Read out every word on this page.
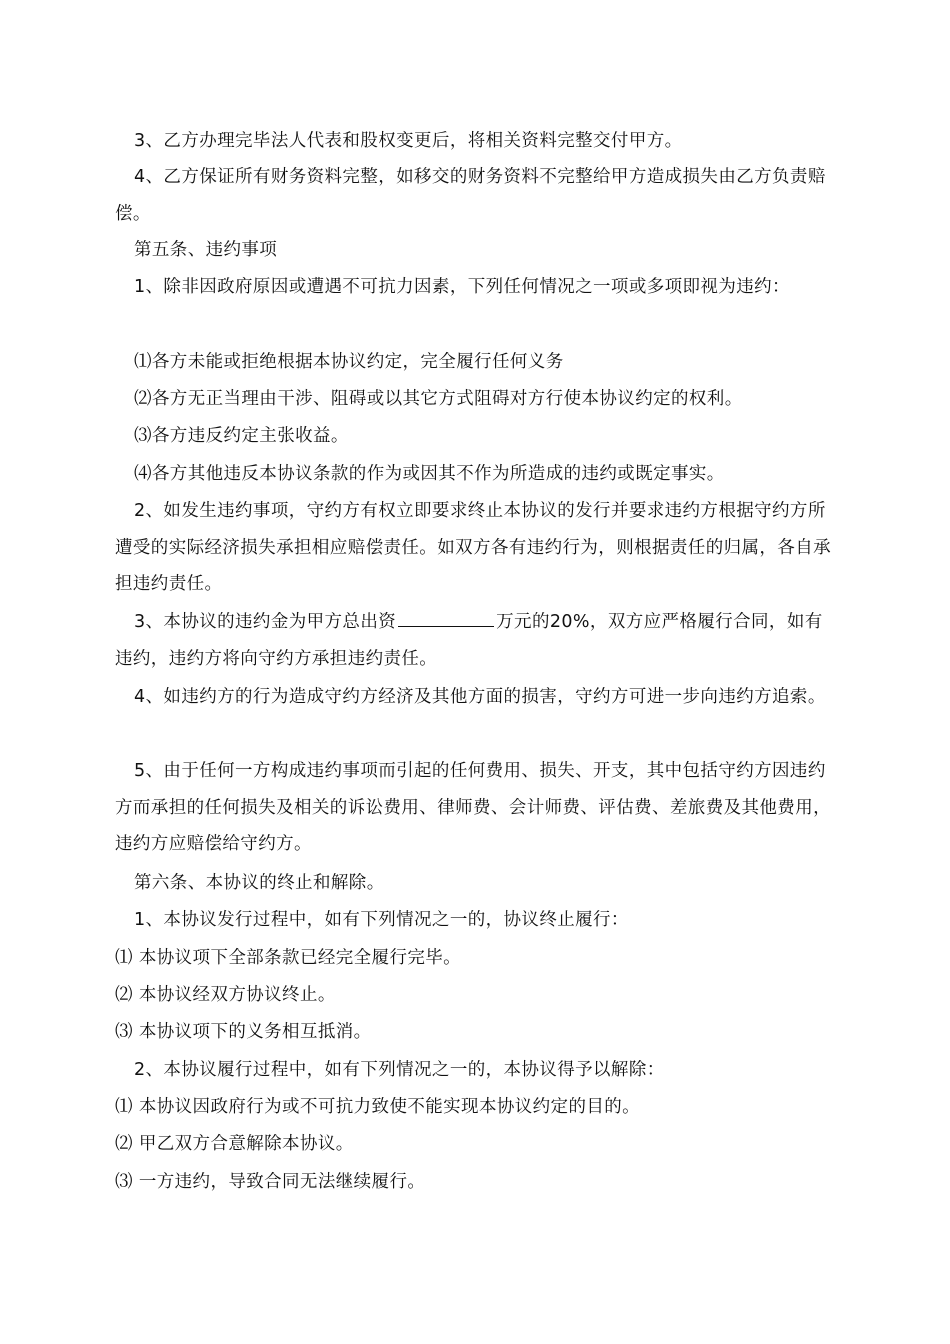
3、乙方办理完毕法人代表和股权变更后，将相关资料完整交付甲方。

4、乙方保证所有财务资料完整，如移交的财务资料不完整给甲方造成损失由乙方负责赔偿。

第五条、违约事项

1、除非因政府原因或遭遇不可抗力因素，下列任何情况之一项或多项即视为违约：

⑴各方未能或拒绝根据本协议约定，完全履行任何义务

⑵各方无正当理由干涉、阻碍或以其它方式阻碍对方行使本协议约定的权利。

⑶各方违反约定主张收益。

⑷各方其他违反本协议条款的作为或因其不作为所造成的违约或既定事实。

2、如发生违约事项，守约方有权立即要求终止本协议的发行并要求违约方根据守约方所遭受的实际经济损失承担相应赔偿责任。如双方各有违约行为，则根据责任的归属，各自承担违约责任。

3、本协议的违约金为甲方总出资	万元的20%，双方应严格履行合同，如有违约，违约方将向守约方承担违约责任。

4、如违约方的行为造成守约方经济及其他方面的损害，守约方可进一步向违约方追索。

5、由于任何一方构成违约事项而引起的任何费用、损失、开支，其中包括守约方因违约方而承担的任何损失及相关的诉讼费用、律师费、会计师费、评估费、差旅费及其他费用，违约方应赔偿给守约方。

第六条、本协议的终止和解除。

1、本协议发行过程中，如有下列情况之一的，协议终止履行：

⑴ 本协议项下全部条款已经完全履行完毕。

⑵ 本协议经双方协议终止。

⑶ 本协议项下的义务相互抵消。

2、本协议履行过程中，如有下列情况之一的，本协议得予以解除：

⑴ 本协议因政府行为或不可抗力致使不能实现本协议约定的目的。

⑵ 甲乙双方合意解除本协议。

⑶ 一方违约，导致合同无法继续履行。
